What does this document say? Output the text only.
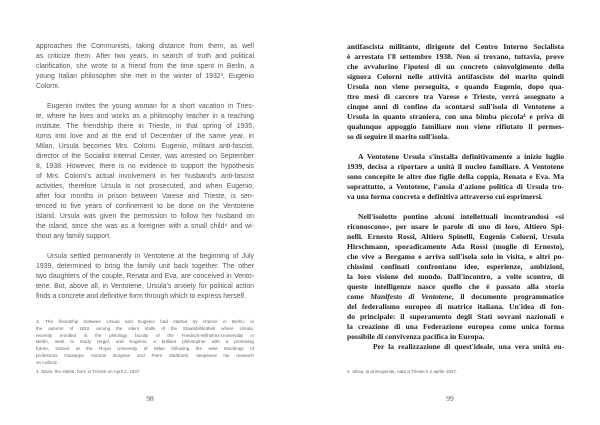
approaches the Communists, taking distance from them, as well
as criticize them. After two years, in search of truth and political
clarification, she wrote to a friend from the time spent in Berlin, a
young Italian philosopher she met in the winter of 1932³, Eugenio
Colorni.
Eugenio invites the young woman for a short vacation in Tries-
te, where he lives and works as a philosophy teacher in a teaching
institute. The friendship there in Trieste, in that spring of 1935,
turns into love and at the end of December of the same year, in
Milan, Ursula becomes Mrs. Colorni. Eugenio, militant anti-fascist,
director of the Socialist Internal Center, was arrested on September
8, 1938. However, there is no evidence to support the hypothesis
of Mrs. Colorni's actual involvement in her husband's anti-fascist
activities, therefore Ursula is not prosecuted, and when Eugenio,
after four months in prison between Varese and Trieste, is sen-
tenced to five years of confinement to be done on the Ventotene
island. Ursula was given the permission to follow her husband on
the island, since she was as a foreigner with a small child⁴ and wi-
thout any family support.
Ursula settled permanently in Ventotene at the beginning of July
1939, determined to bring the family unit back together. The other
two daughters of the couple, Renata and Eva, are conceived in Vento-
tene. But, above all, in Ventotene, Ursula's anxiety for political action
finds a concrete and definitive form through which to express herself.
3. The friendship between Ursula and Eugenio had started by chance in Berlin, in
the autumn of 1932, among the silent stalls of the Staatsbibliothek where Ursula,
recently enrolled in the philology faculty of the Friedrich-Wilhelms-Universität in
Berlin, went to study Hegel, and Eugenio, a brilliant philosopher with a promising
future, trained at the Royal University of Milan following the wise teachings of
professors Giuseppe Antonio Borgese and Piero Martinetti, deepened his research
on Leibniz…
4. Silvia, the eldest, born in Trieste on April 2, 1937.
98
antifascista militante, dirigente del Centro Interno Socialista
è arrestato l'8 settembre 1938. Non si trovano, tuttavia, prove
che avvalorino l'ipotesi di un concreto coinvolgimento della
signora Colorni nelle attività antifasciste del marito quindi
Ursula non viene perseguita, e quando Eugenio, dopo qua-
ttro mesi di carcere tra Varese e Trieste, verrà assegnato a
cinque anni di confino da scontarsi sull'isola di Ventotene a
Ursula in quanto straniera, con una bimba piccola⁴ e priva di
qualunque appoggio familiare non viene rifiutato il permes-
so di seguire il marito sull'isola.
A Ventotene Ursula s'installa definitivamente a inizio luglio
1939, decisa a riportare a unità il nucleo familiare. A Ventotene
sono concepite le altre due figlie della coppia, Renata e Eva. Ma
soprattutto, a Ventotene, l'ansia d'azione politica di Ursula tro-
va una forma concreta e definitiva attraverso cui esprimersi.
Nell'isolotto pontino alcuni intellettuali incontrandosi «si
riconoscono», per usare le parole di uno di loro, Altiero Spi-
nelli. Ernesto Rossi, Altiero Spinelli, Eugenio Colorni, Ursula
Hirschmann, sporadicamente Ada Rossi (moglie di Ernesto),
che vive a Bergamo e arriva sull'isola solo in visita, e altri po-
chissimi confinati confrontano idee, esperienze, ambizioni,
la loro visione del mondo. Dall'incontro, a volte scontro, di
queste intelligenze nasce quello che è passato alla storia
come Manifesto di Ventotene, il documento programmatico
del federalismo europeo di matrice italiana. Un'idea di fon-
do principale: il superamento degli Stati sovrani nazionali e
la creazione di una Federazione europea come unica forma
possibile di convivenza pacifica in Europa.
Per la realizzazione di quest'ideale, una vera unità eu-
4. Silvia, la primogenita, nata a Trieste il 2 aprile 1937.
99
